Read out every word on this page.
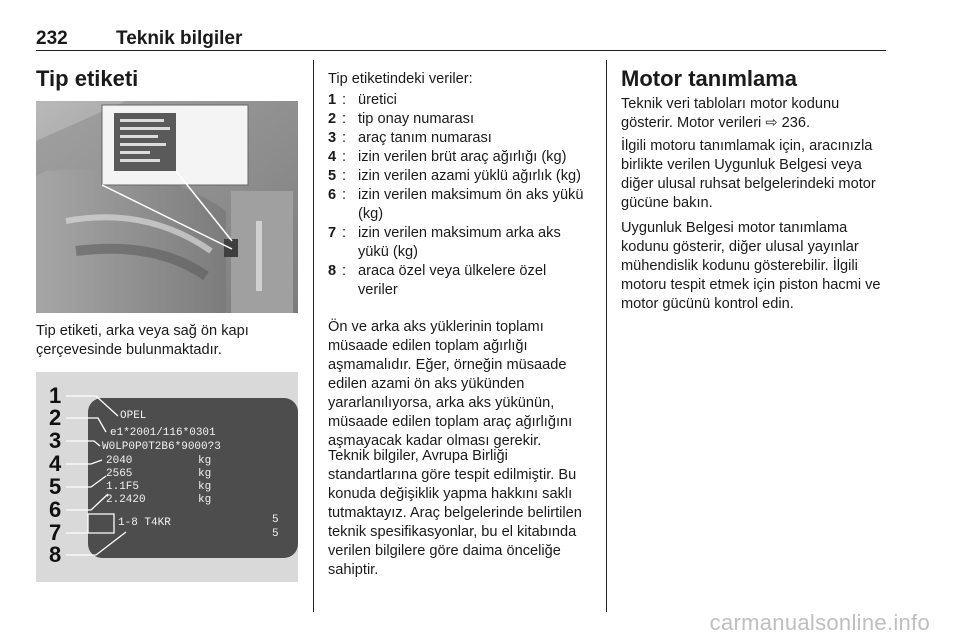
232	Teknik bilgiler
Tip etiketi

Tip etiketi, arka veya sağ ön kapı çerçevesinde bulunmaktadır.

1
2
3
4
5
6
7
8
OPEL
e1*2001/116*0301
W0LP0P0T2B6*9000?3
2040
2565
1.1F5
2.2420
1-8 T4KR
kg
kg
kg
kg
5
5

Tip etiketindeki veriler:

1 : üretici
2 : tip onay numarası
3 : araç tanım numarası
4 : izin verilen brüt araç ağırlığı (kg)
5 : izin verilen azami yüklü ağırlık (kg)
6 : izin verilen maksimum ön aks yükü (kg)
7 : izin verilen maksimum arka aks yükü (kg)
8 : araca özel veya ülkelere özel veriler

Ön ve arka aks yüklerinin toplamı müsaade edilen toplam ağırlığı aşmamalıdır. Eğer, örneğin müsaade edilen azami ön aks yükünden yararlanılıyorsa, arka aks yükünün, müsaade edilen toplam araç ağırlığını aşmayacak kadar olması gerekir.

Teknik bilgiler, Avrupa Birliği standartlarına göre tespit edilmiştir. Bu konuda değişiklik yapma hakkını saklı tutmaktayız. Araç belgelerinde belirtilen teknik spesifikasyonlar, bu el kitabında verilen bilgilere göre daima önceliğe sahiptir.

Motor tanımlama

Teknik veri tabloları motor kodunu gösterir. Motor verileri ⇨ 236.

İlgili motoru tanımlamak için, aracınızla birlikte verilen Uygunluk Belgesi veya diğer ulusal ruhsat belgelerindeki motor gücüne bakın.

Uygunluk Belgesi motor tanımlama kodunu gösterir, diğer ulusal yayınlar mühendislik kodunu gösterebilir. İlgili motoru tespit etmek için piston hacmi ve motor gücünü kontrol edin.

carmanualsonline.info
